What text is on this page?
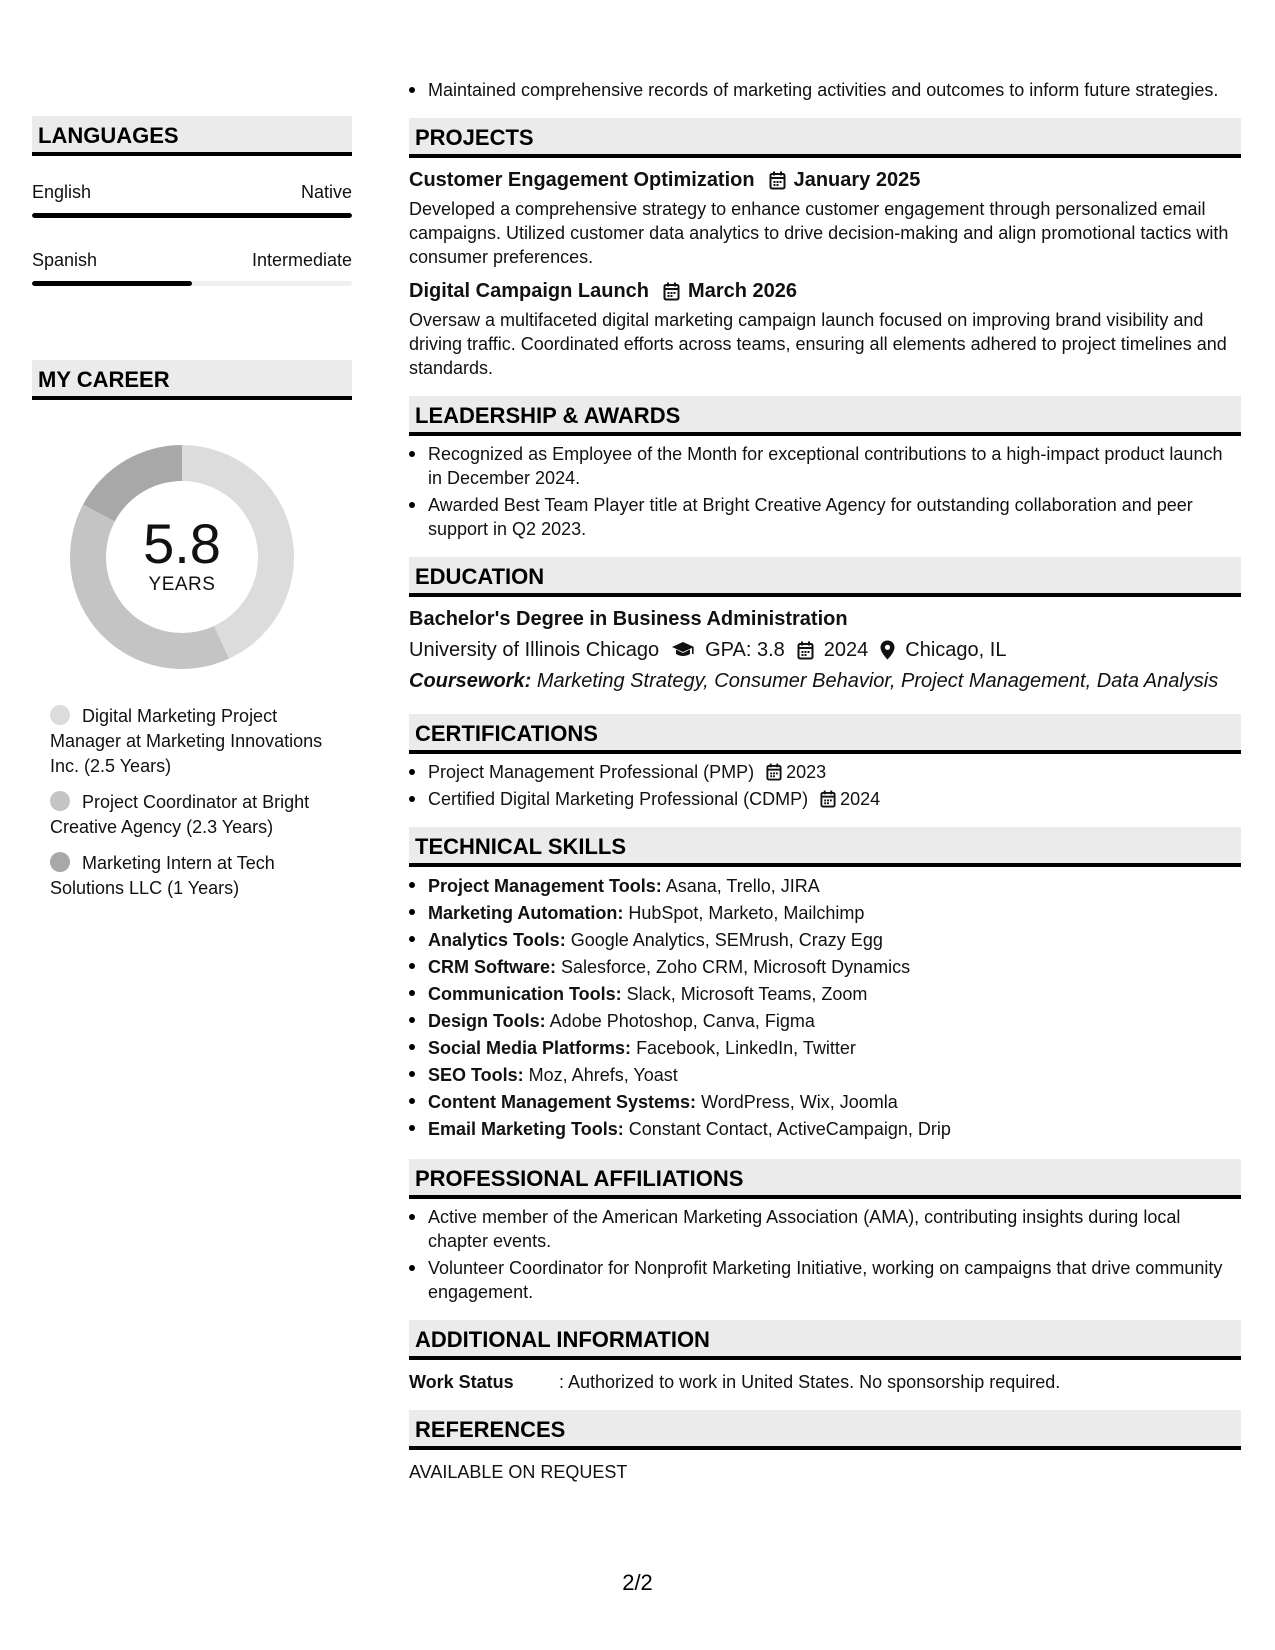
LANGUAGES
English	Native
Spanish	Intermediate
MY CAREER
5.8
YEARS
Digital Marketing Project Manager at Marketing Innovations Inc. (2.5 Years)
Project Coordinator at Bright Creative Agency (2.3 Years)
Marketing Intern at Tech Solutions LLC (1 Years)
Maintained comprehensive records of marketing activities and outcomes to inform future strategies.
PROJECTS
Customer Engagement Optimization January 2025
Developed a comprehensive strategy to enhance customer engagement through personalized email campaigns. Utilized customer data analytics to drive decision-making and align promotional tactics with consumer preferences.
Digital Campaign Launch March 2026
Oversaw a multifaceted digital marketing campaign launch focused on improving brand visibility and driving traffic. Coordinated efforts across teams, ensuring all elements adhered to project timelines and standards.
LEADERSHIP & AWARDS
Recognized as Employee of the Month for exceptional contributions to a high-impact product launch in December 2024.
Awarded Best Team Player title at Bright Creative Agency for outstanding collaboration and peer support in Q2 2023.
EDUCATION
Bachelor's Degree in Business Administration
University of Illinois Chicago GPA: 3.8 2024 Chicago, IL
Coursework: Marketing Strategy, Consumer Behavior, Project Management, Data Analysis
CERTIFICATIONS
Project Management Professional (PMP) 2023
Certified Digital Marketing Professional (CDMP) 2024
TECHNICAL SKILLS
Project Management Tools: Asana, Trello, JIRA
Marketing Automation: HubSpot, Marketo, Mailchimp
Analytics Tools: Google Analytics, SEMrush, Crazy Egg
CRM Software: Salesforce, Zoho CRM, Microsoft Dynamics
Communication Tools: Slack, Microsoft Teams, Zoom
Design Tools: Adobe Photoshop, Canva, Figma
Social Media Platforms: Facebook, LinkedIn, Twitter
SEO Tools: Moz, Ahrefs, Yoast
Content Management Systems: WordPress, Wix, Joomla
Email Marketing Tools: Constant Contact, ActiveCampaign, Drip
PROFESSIONAL AFFILIATIONS
Active member of the American Marketing Association (AMA), contributing insights during local chapter events.
Volunteer Coordinator for Nonprofit Marketing Initiative, working on campaigns that drive community engagement.
ADDITIONAL INFORMATION
Work Status	: Authorized to work in United States. No sponsorship required.
REFERENCES
AVAILABLE ON REQUEST
2/2
